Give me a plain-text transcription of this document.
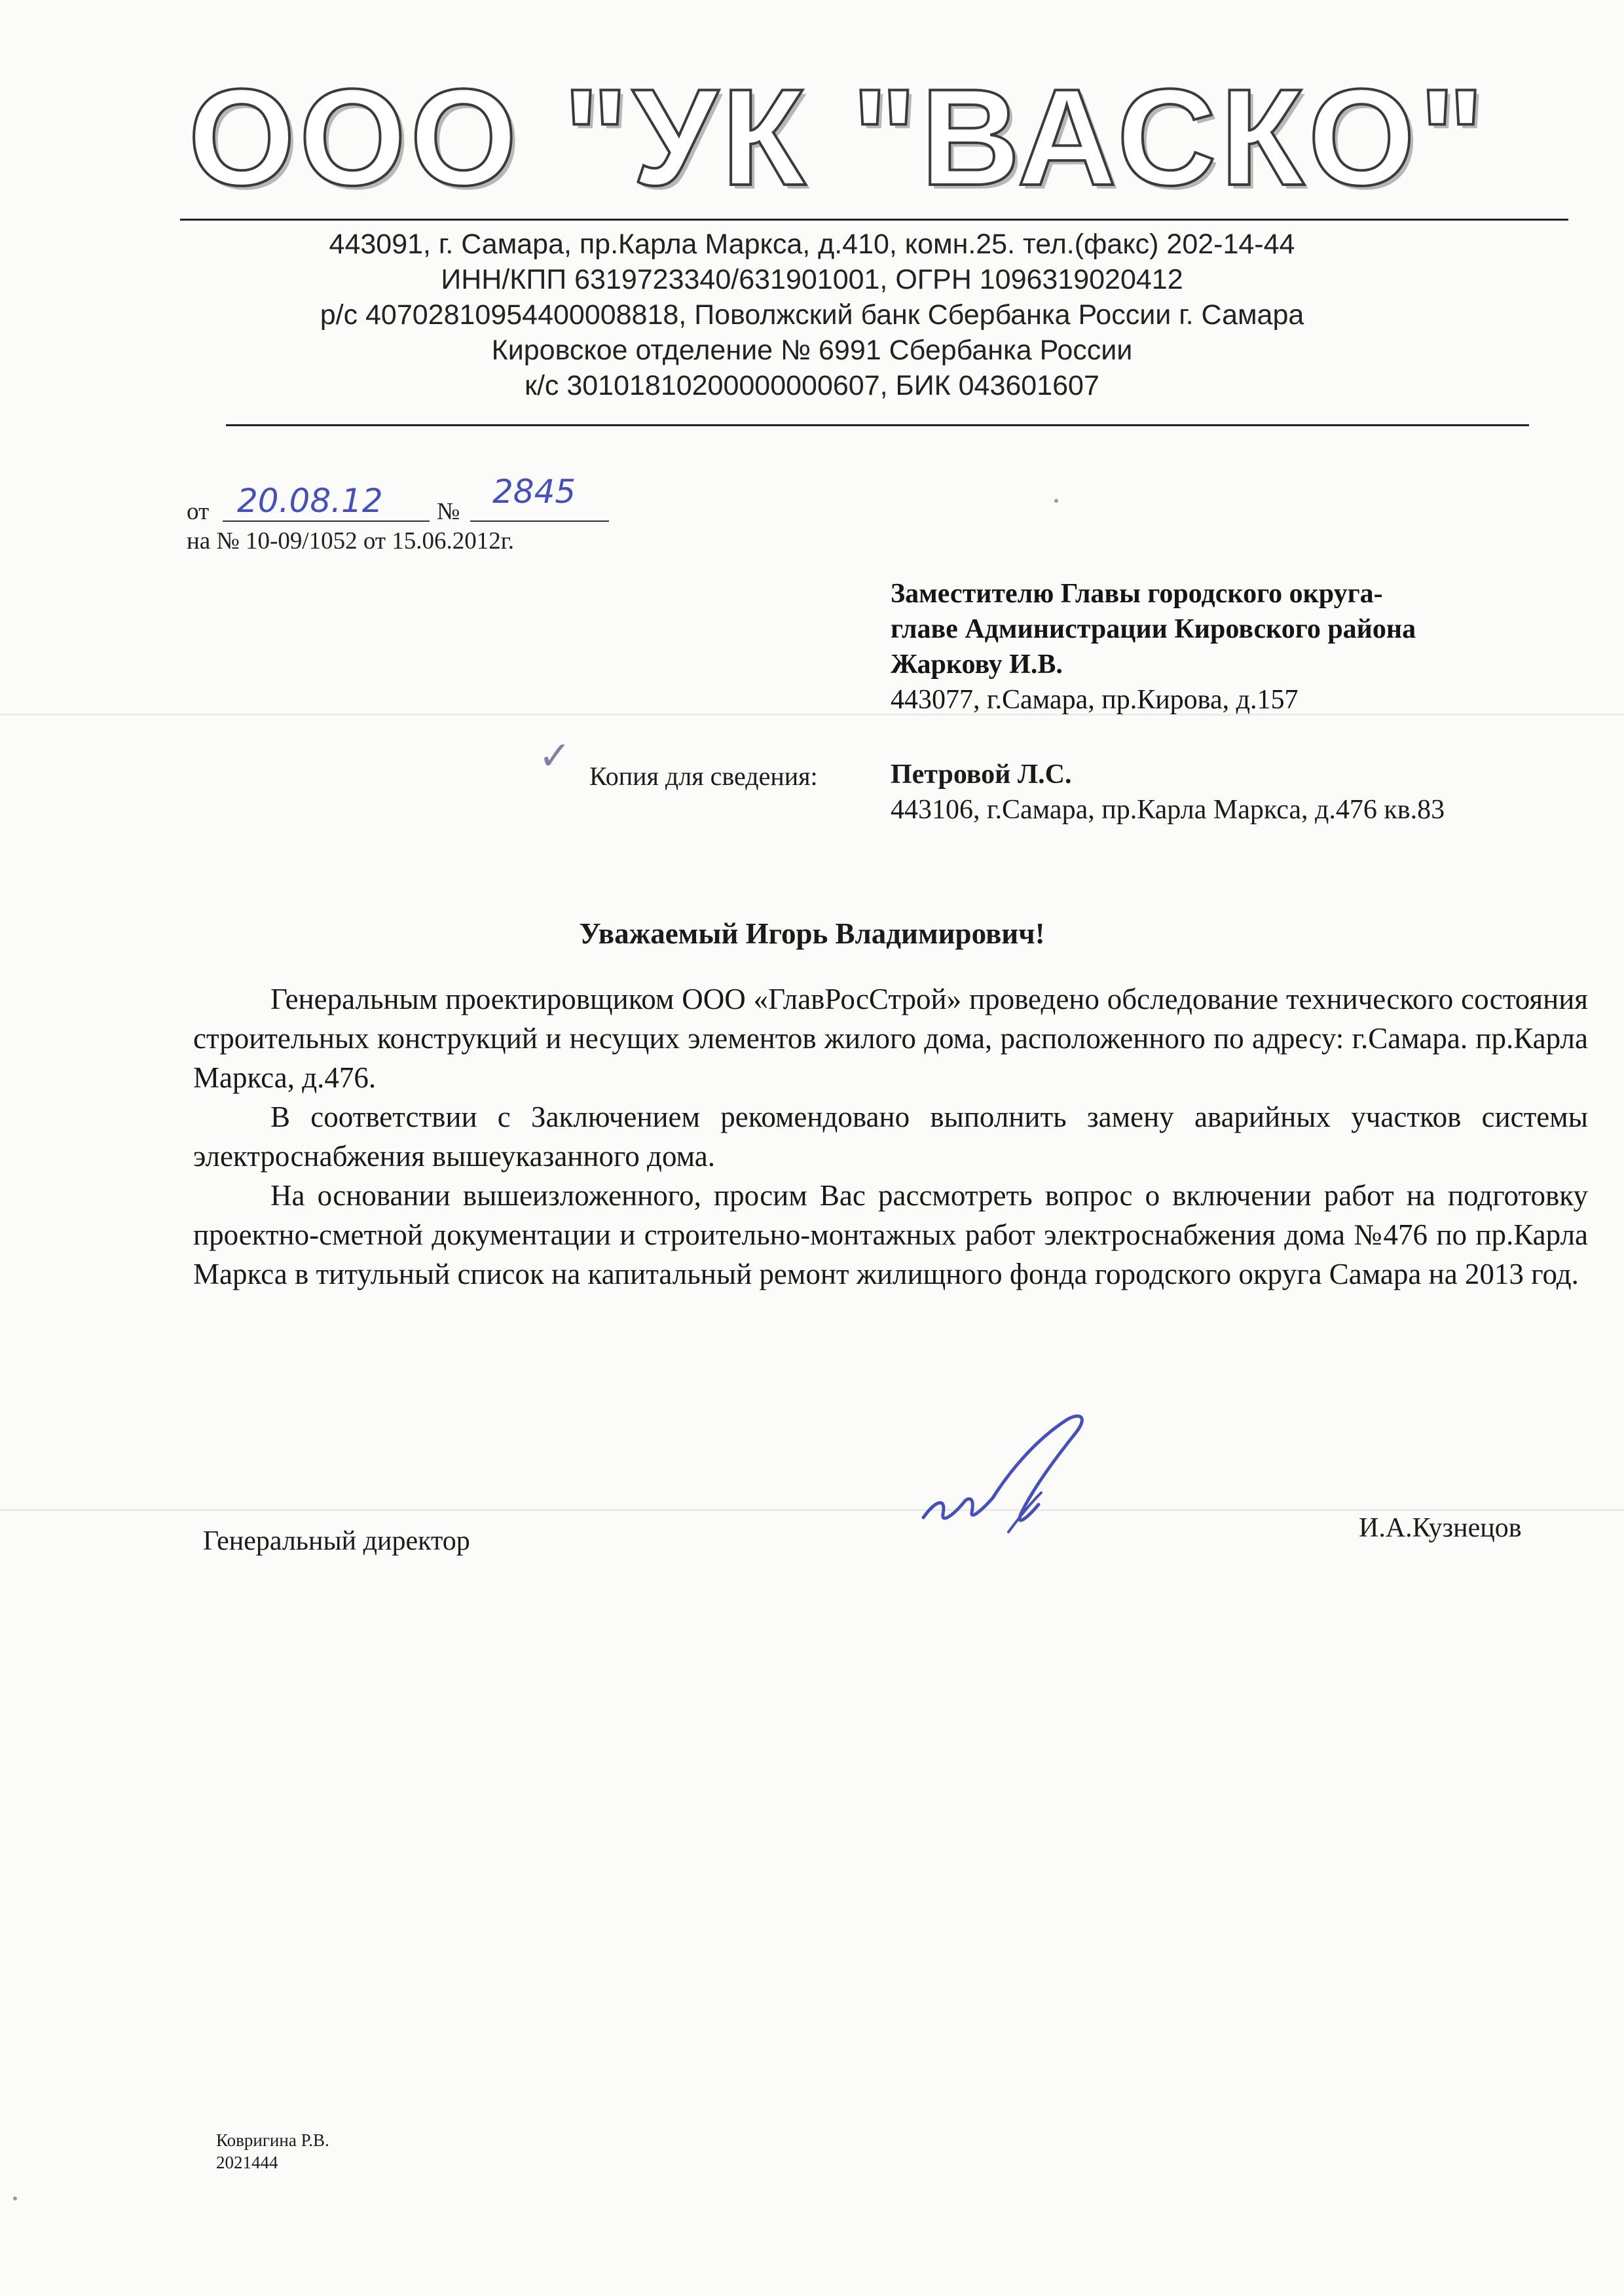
ООО "УК "ВАСКО"
443091, г. Самара, пр.Карла Маркса, д.410, комн.25. тел.(факс) 202-14-44
ИНН/КПП 6319723340/631901001, ОГРН 1096319020412
р/с 40702810954400008818, Поволжский банк Сбербанка России г. Самара
Кировское отделение № 6991 Сбербанка России
к/с 30101810200000000607, БИК 043601607
от 20.08.12 №
2845
на № 10-09/1052 от 15.06.2012г.
Заместителю Главы городского округа-
главе Администрации Кировского района
Жаркову И.В.
443077, г.Самара, пр.Кирова, д.157
✓ Копия для сведения:	Петровой Л.С.
443106, г.Самара, пр.Карла Маркса, д.476 кв.83
Уважаемый Игорь Владимирович!

Генеральным проектировщиком ООО «ГлавРосСтрой» проведено обследование технического состояния строительных конструкций и несущих элементов жилого дома, расположенного по адресу: г.Самара. пр.Карла Маркса, д.476.

В соответствии с Заключением рекомендовано выполнить замену аварийных участков системы электроснабжения вышеуказанного дома.

На основании вышеизложенного, просим Вас рассмотреть вопрос о включении работ на подготовку проектно-сметной документации и строительно-монтажных работ электроснабжения дома №476 по пр.Карла Маркса в титульный список на капитальный ремонт жилищного фонда городского округа Самара на 2013 год.

Генеральный директор	И.А.Кузнецов
Ковригина Р.В.
2021444
